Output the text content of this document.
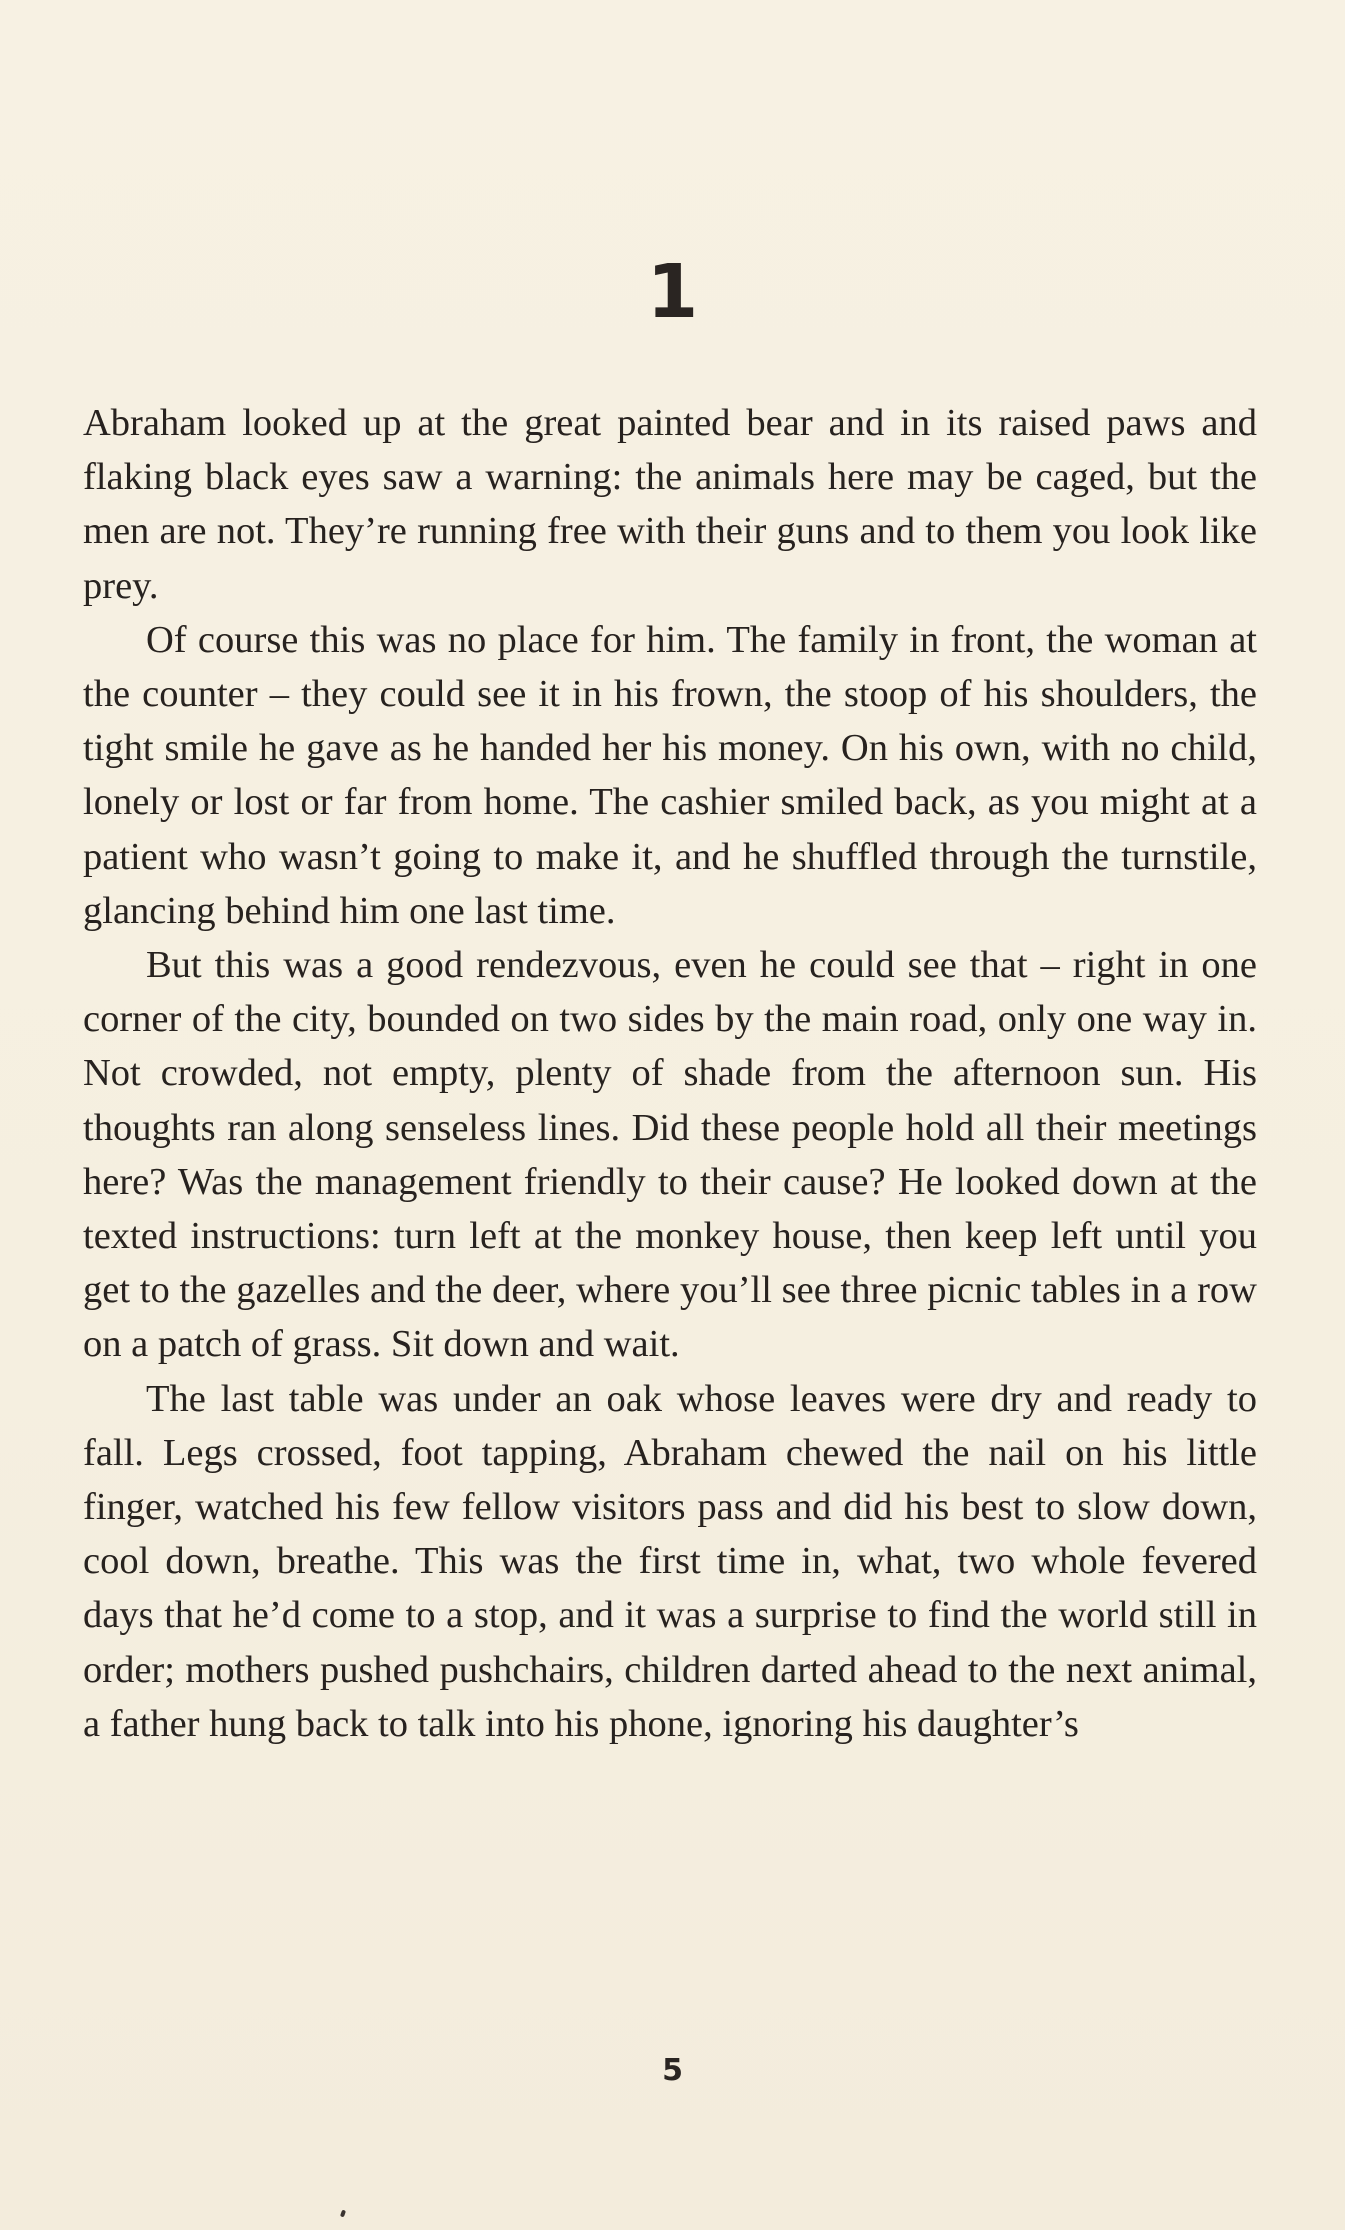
1

Abraham looked up at the great painted bear and in its raised paws and flaking black eyes saw a warning: the animals here may be caged, but the men are not. They’re running free with their guns and to them you look like prey.

Of course this was no place for him. The family in front, the woman at the counter – they could see it in his frown, the stoop of his shoulders, the tight smile he gave as he handed her his money. On his own, with no child, lonely or lost or far from home. The cashier smiled back, as you might at a patient who wasn’t going to make it, and he shuffled through the turnstile, glancing behind him one last time.

But this was a good rendezvous, even he could see that – right in one corner of the city, bounded on two sides by the main road, only one way in. Not crowded, not empty, plenty of shade from the afternoon sun. His thoughts ran along senseless lines. Did these people hold all their meetings here? Was the management friendly to their cause? He looked down at the texted instructions: turn left at the monkey house, then keep left until you get to the gazelles and the deer, where you’ll see three picnic tables in a row on a patch of grass. Sit down and wait.

The last table was under an oak whose leaves were dry and ready to fall. Legs crossed, foot tapping, Abraham chewed the nail on his little finger, watched his few fellow visitors pass and did his best to slow down, cool down, breathe. This was the first time in, what, two whole fevered days that he’d come to a stop, and it was a surprise to find the world still in order; mothers pushed pushchairs, children darted ahead to the next animal, a father hung back to talk into his phone, ignoring his daughter’s

5
